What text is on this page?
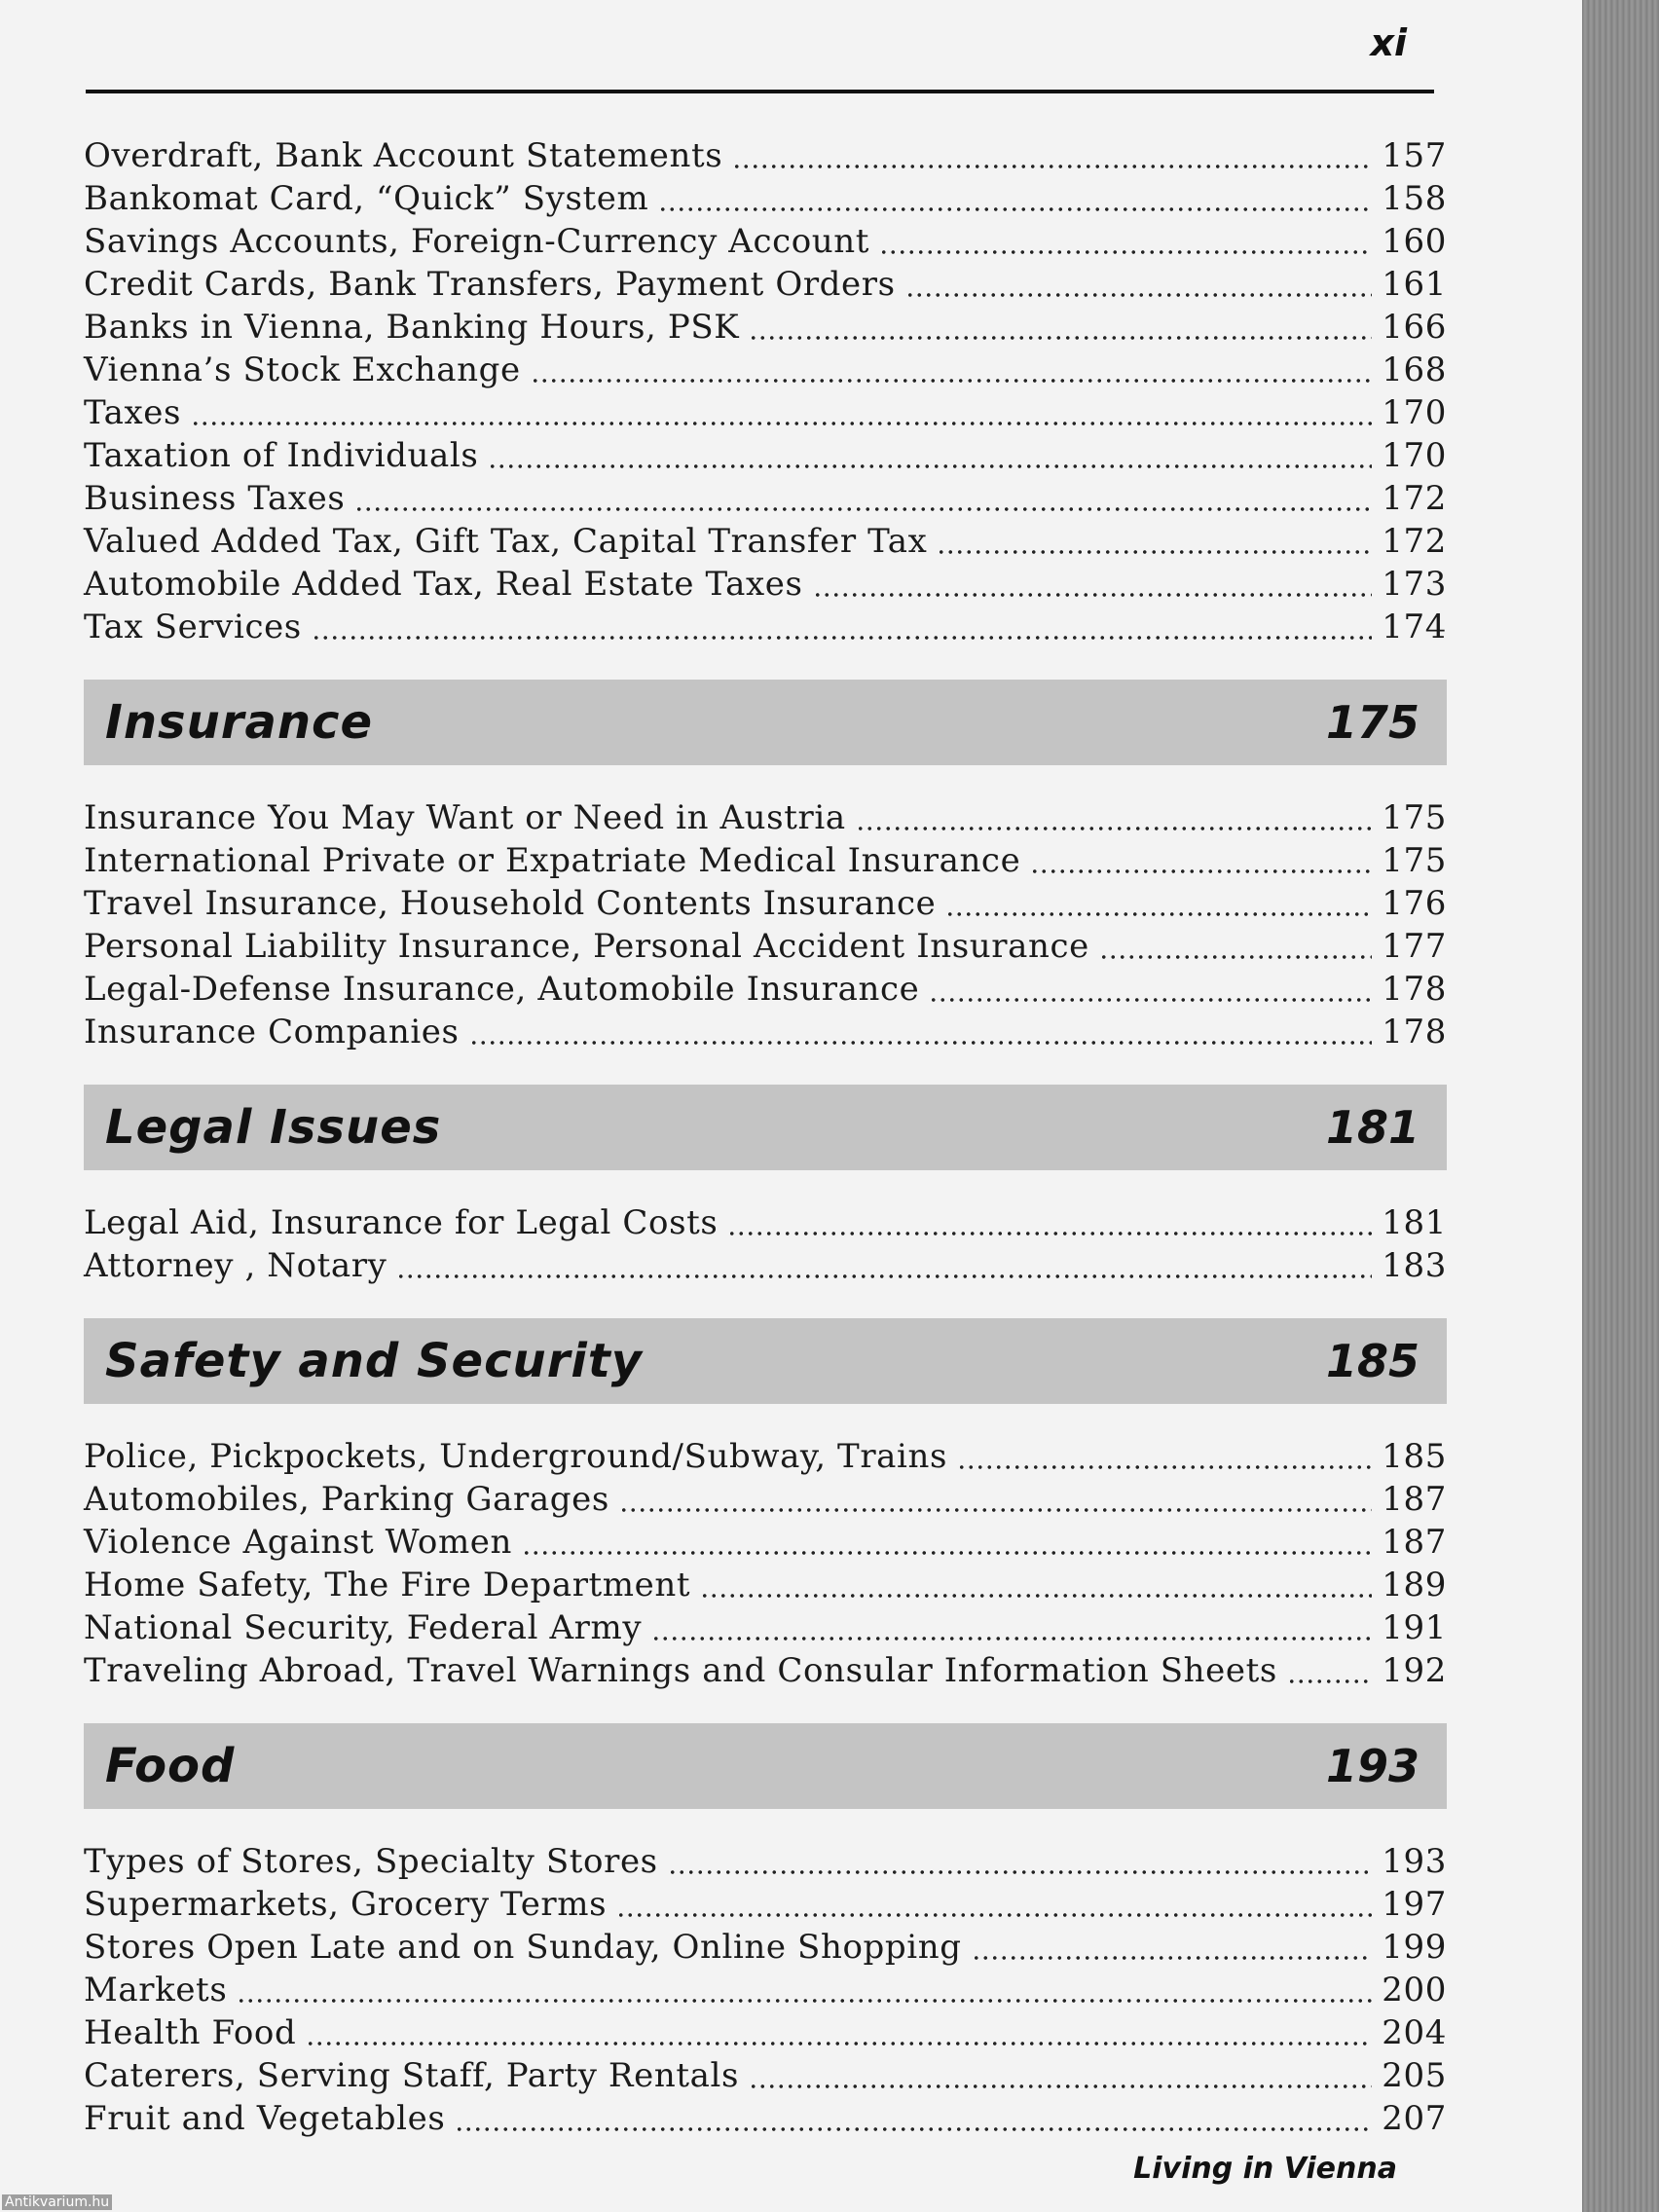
xi
Overdraft, Bank Account Statements	157
Bankomat Card, “Quick” System	158
Savings Accounts, Foreign-Currency Account	160
Credit Cards, Bank Transfers, Payment Orders	161
Banks in Vienna, Banking Hours, PSK	166
Vienna’s Stock Exchange	168
Taxes	170
Taxation of Individuals	170
Business Taxes	172
Valued Added Tax, Gift Tax, Capital Transfer Tax	172
Automobile Added Tax, Real Estate Taxes	173
Tax Services	174
Insurance	175
Insurance You May Want or Need in Austria	175
International Private or Expatriate Medical Insurance	175
Travel Insurance, Household Contents Insurance	176
Personal Liability Insurance, Personal Accident Insurance	177
Legal-Defense Insurance, Automobile Insurance	178
Insurance Companies	178
Legal Issues	181
Legal Aid, Insurance for Legal Costs	181
Attorney , Notary	183
Safety and Security	185
Police, Pickpockets, Underground/Subway, Trains	185
Automobiles, Parking Garages	187
Violence Against Women	187
Home Safety, The Fire Department	189
National Security, Federal Army	191
Traveling Abroad, Travel Warnings and Consular Information Sheets	192
Food	193
Types of Stores, Specialty Stores	193
Supermarkets, Grocery Terms	197
Stores Open Late and on Sunday, Online Shopping	199
Markets	200
Health Food	204
Caterers, Serving Staff, Party Rentals	205
Fruit and Vegetables	207
Living in Vienna
Antikvarium.hu
